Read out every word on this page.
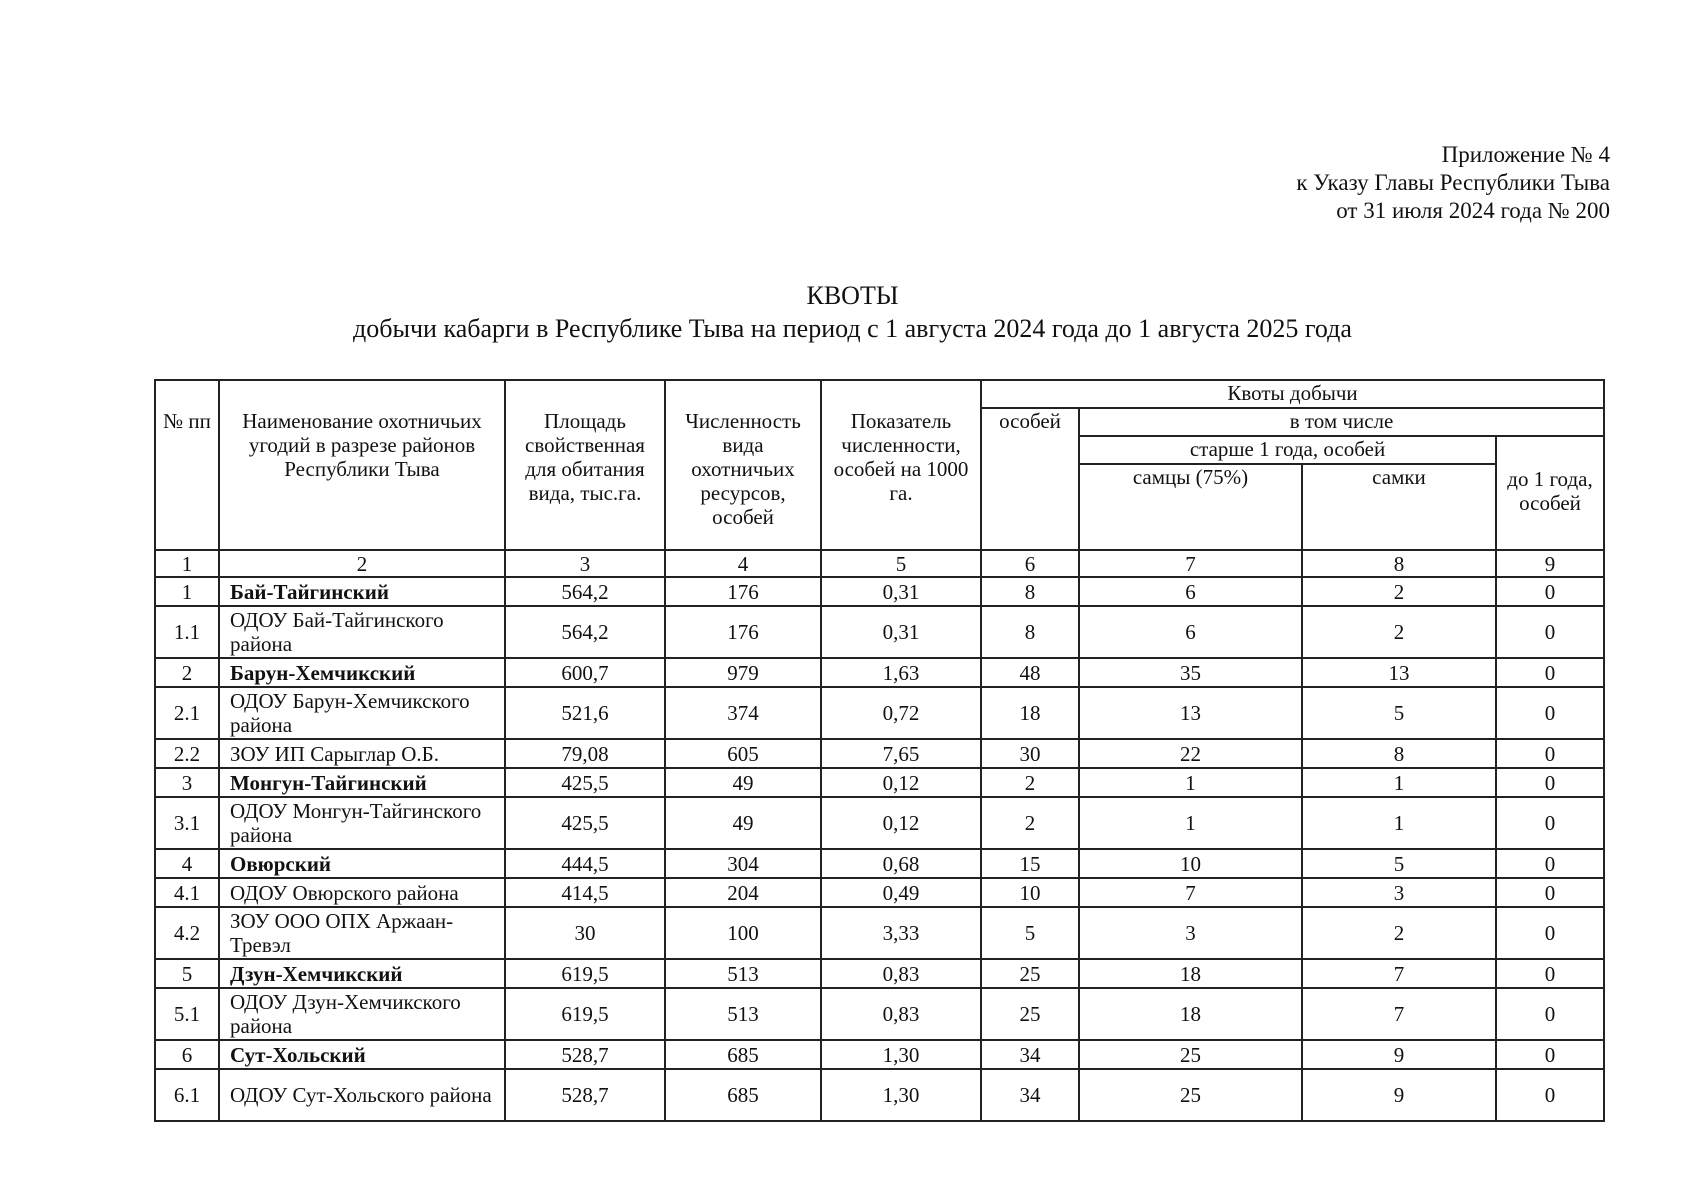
Приложение № 4
к Указу Главы Республики Тыва
от 31 июля 2024 года № 200
КВОТЫ
добычи кабарги в Республике Тыва на период с 1 августа 2024 года до 1 августа 2025 года
№ пп	Наименование охотничьих угодий в разрезе районов Республики Тыва	Площадь свойственная для обитания вида, тыс.га.	Численность вида охотничьих ресурсов, особей	Показатель численности, особей на 1000 га.	Квоты добычи			
					особей	в том числе		
						старше 1 года, особей		до 1 года, особей
						самцы (75%)	самки	
1	2	3	4	5	6	7	8	9
1	Бай-Тайгинский	564,2	176	0,31	8	6	2	0
1.1	ОДОУ Бай-Тайгинского района	564,2	176	0,31	8	6	2	0
2	Барун-Хемчикский	600,7	979	1,63	48	35	13	0
2.1	ОДОУ Барун-Хемчикского района	521,6	374	0,72	18	13	5	0
2.2	ЗОУ ИП Сарыглар О.Б.	79,08	605	7,65	30	22	8	0
3	Монгун-Тайгинский	425,5	49	0,12	2	1	1	0
3.1	ОДОУ Монгун-Тайгинского района	425,5	49	0,12	2	1	1	0
4	Овюрский	444,5	304	0,68	15	10	5	0
4.1	ОДОУ Овюрского района	414,5	204	0,49	10	7	3	0
4.2	ЗОУ ООО ОПХ Аржаан-Тревэл	30	100	3,33	5	3	2	0
5	Дзун-Хемчикский	619,5	513	0,83	25	18	7	0
5.1	ОДОУ Дзун-Хемчикского района	619,5	513	0,83	25	18	7	0
6	Сут-Хольский	528,7	685	1,30	34	25	9	0
6.1	ОДОУ Сут-Хольского района	528,7	685	1,30	34	25	9	0
